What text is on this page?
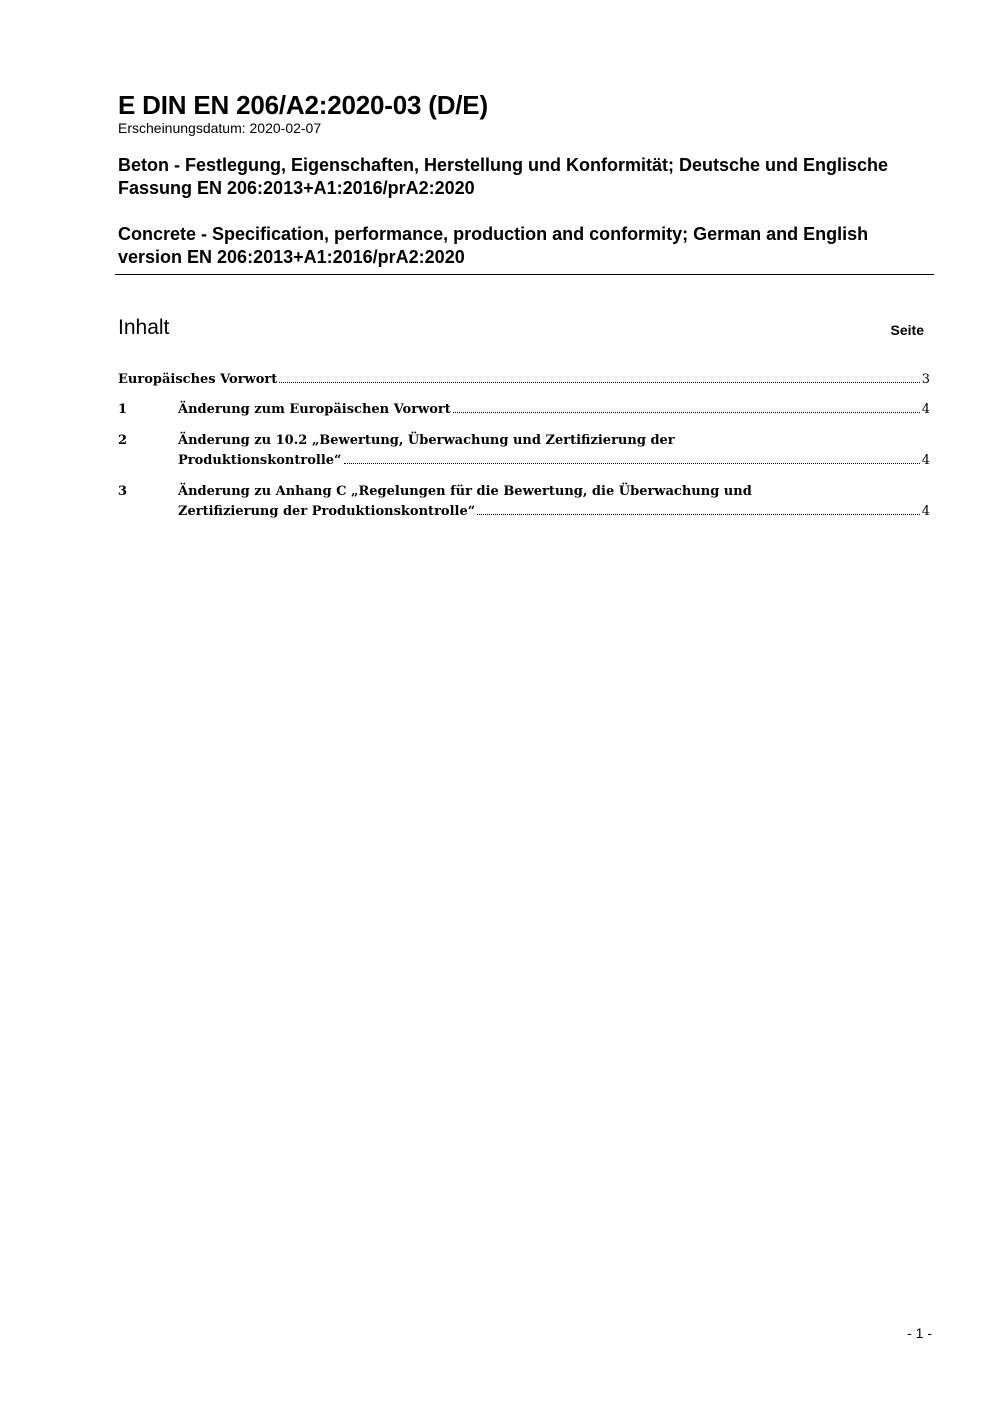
E DIN EN 206/A2:2020-03 (D/E)

Erscheinungsdatum: 2020-02-07

Beton - Festlegung, Eigenschaften, Herstellung und Konformität; Deutsche und Englische Fassung EN 206:2013+A1:2016/prA2:2020

Concrete - Specification, performance, production and conformity; German and English version EN 206:2013+A1:2016/prA2:2020

Inhalt	Seite
Europäisches Vorwort	3
1	Änderung zum Europäischen Vorwort	4
2	Änderung zu 10.2 „Bewertung, Überwachung und Zertifizierung der
Produktionskontrolle“	4
3	Änderung zu Anhang C „Regelungen für die Bewertung, die Überwachung und
Zertifizierung der Produktionskontrolle“	4
- 1 -
